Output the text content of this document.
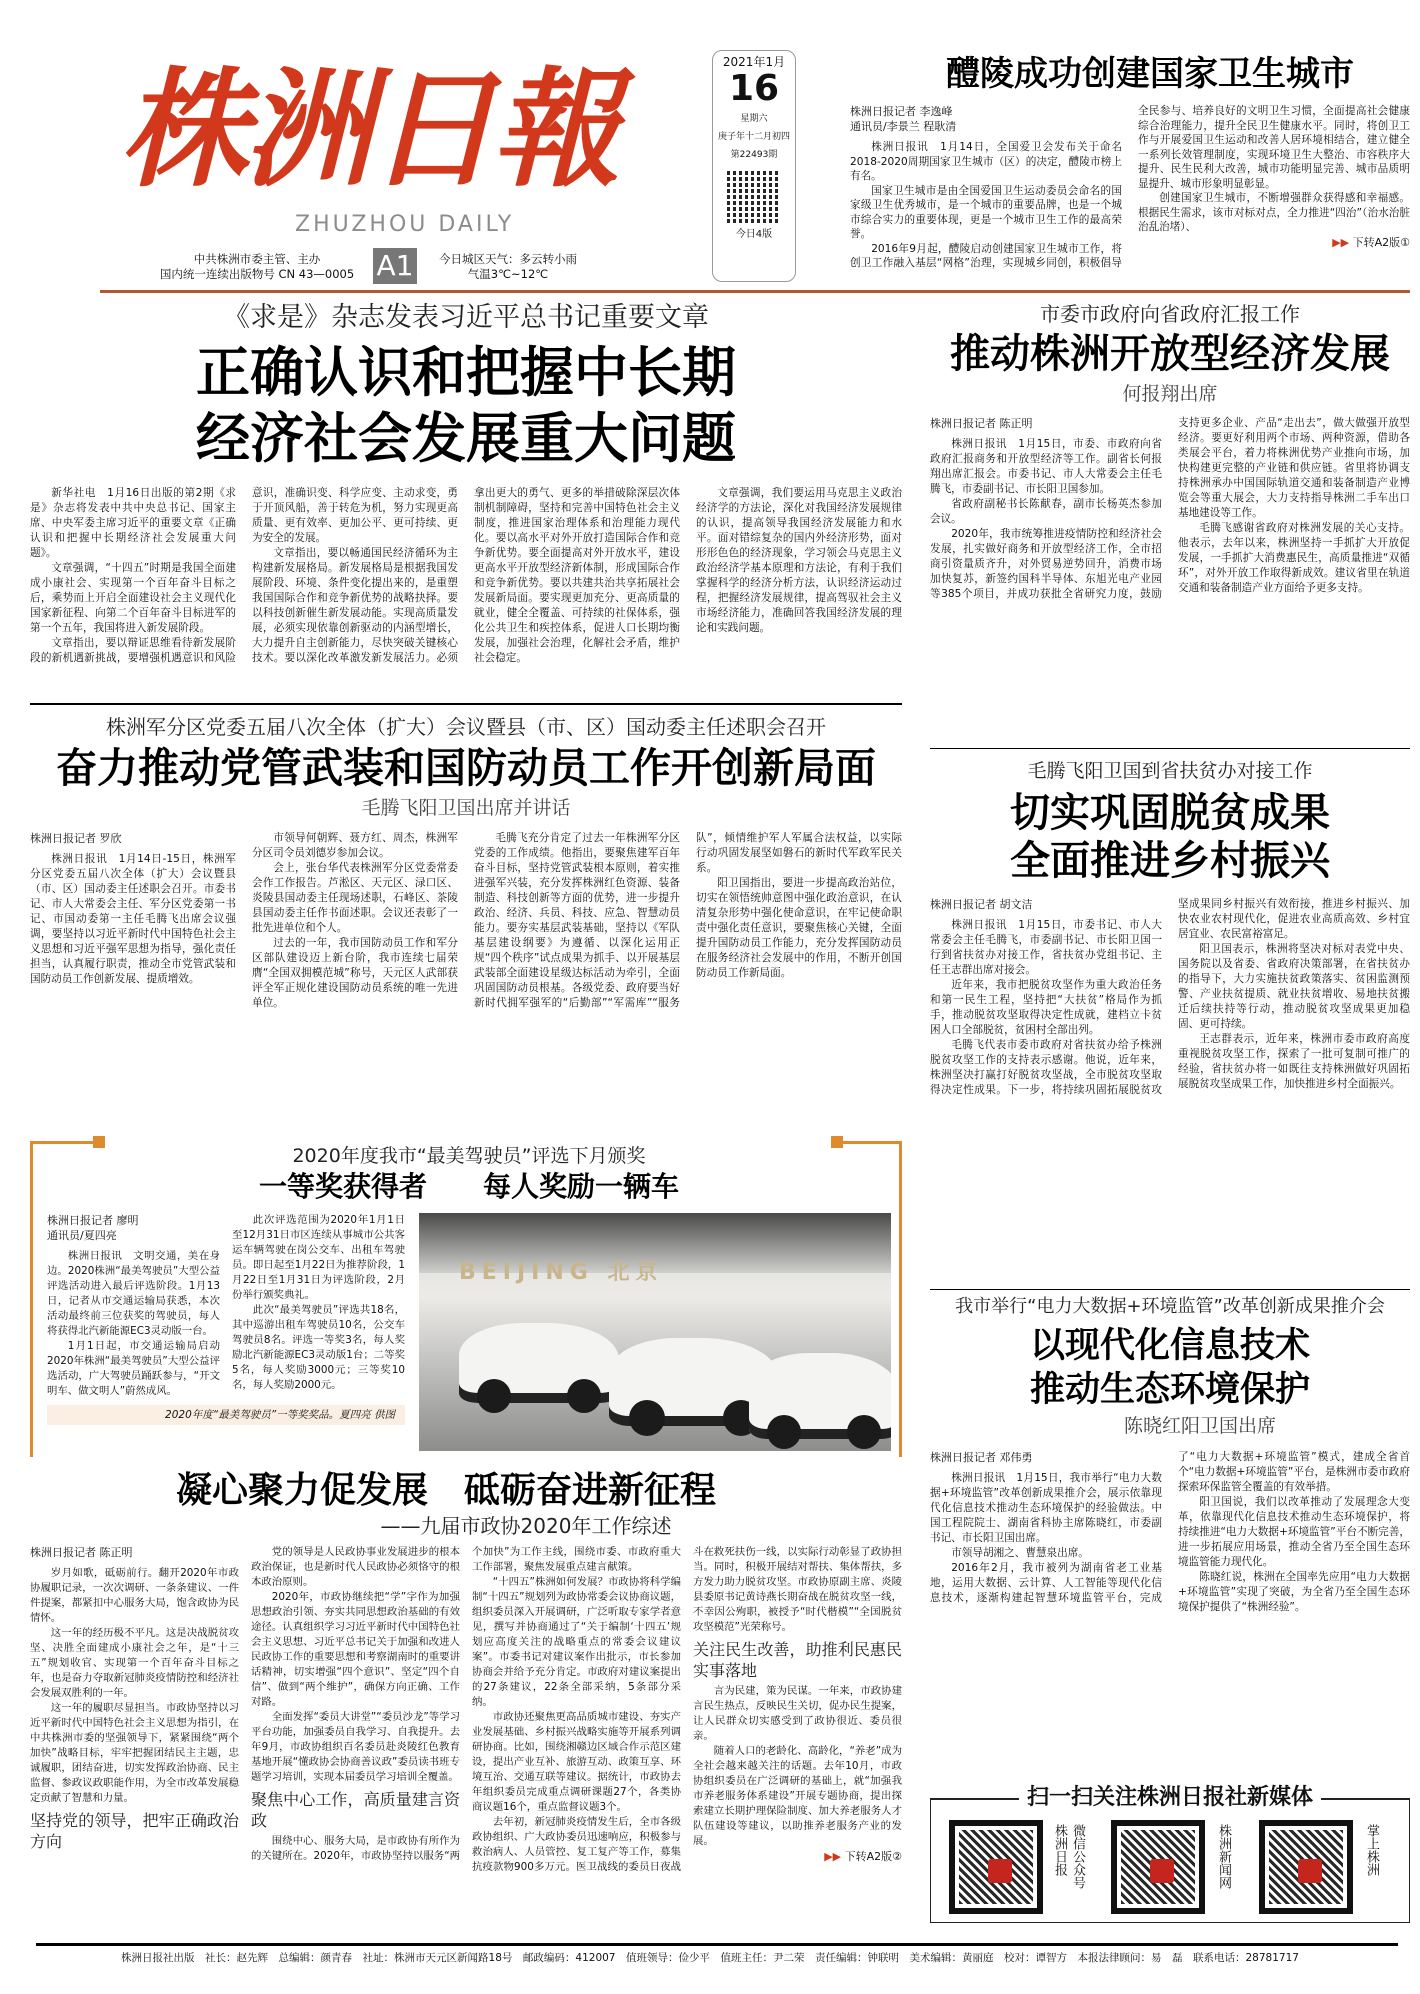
株洲日報
ZHUZHOU DAILY
中共株洲市委主管、主办
国内统一连续出版物号 CN 43—0005 A1	今日城区天气：多云转小雨
气温3℃~12℃
2021年1月
16
星期六
庚子年十二月初四
第22493期
今日4版
醴陵成功创建国家卫生城市
株洲日报记者 李逸峰
通讯员/李景兰 程耿清

株洲日报讯　1月14日，全国爱卫会发布关于命名2018-2020周期国家卫生城市（区）的决定，醴陵市榜上有名。

国家卫生城市是由全国爱国卫生运动委员会命名的国家级卫生优秀城市，是一个城市的重要品牌，也是一个城市综合实力的重要体现，更是一个城市卫生工作的最高荣誉。

2016年9月起，醴陵启动创建国家卫生城市工作，将创卫工作融入基层“网格”治理，实现城乡同创，积极倡导全民参与、培养良好的文明卫生习惯，全面提高社会健康综合治理能力，提升全民卫生健康水平。同时，将创卫工作与开展爱国卫生运动和改善人居环境相结合，建立健全一系列长效管理制度，实现环境卫生大整治、市容秩序大提升、民生民利大改善，城市功能明显完善、城市品质明显提升、城市形象明显彰显。

创建国家卫生城市，不断增强群众获得感和幸福感。根据民生需求，该市对标对点，全力推进“四治”（治水治脏治乱治堵）、

▶▶ 下转A2版①
《求是》杂志发表习近平总书记重要文章
正确认识和把握中长期
经济社会发展重大问题

新华社电　1月16日出版的第2期《求是》杂志将发表中共中央总书记、国家主席、中央军委主席习近平的重要文章《正确认识和把握中长期经济社会发展重大问题》。

文章强调，“十四五”时期是我国全面建成小康社会、实现第一个百年奋斗目标之后，乘势而上开启全面建设社会主义现代化国家新征程、向第二个百年奋斗目标进军的第一个五年，我国将进入新发展阶段。

文章指出，要以辩证思维看待新发展阶段的新机遇新挑战，要增强机遇意识和风险意识，准确识变、科学应变、主动求变，勇于开顶风船，善于转危为机，努力实现更高质量、更有效率、更加公平、更可持续、更为安全的发展。

文章指出，要以畅通国民经济循环为主构建新发展格局。新发展格局是根据我国发展阶段、环境、条件变化提出来的，是重塑我国国际合作和竞争新优势的战略抉择。要以科技创新催生新发展动能。实现高质量发展，必须实现依靠创新驱动的内涵型增长，大力提升自主创新能力，尽快突破关键核心技术。要以深化改革激发新发展活力。必须拿出更大的勇气、更多的举措破除深层次体制机制障碍，坚持和完善中国特色社会主义制度，推进国家治理体系和治理能力现代化。要以高水平对外开放打造国际合作和竞争新优势。要全面提高对外开放水平，建设更高水平开放型经济新体制，形成国际合作和竞争新优势。要以共建共治共享拓展社会发展新局面。要实现更加充分、更高质量的就业，健全全覆盖、可持续的社保体系，强化公共卫生和疾控体系，促进人口长期均衡发展，加强社会治理，化解社会矛盾，维护社会稳定。

文章强调，我们要运用马克思主义政治经济学的方法论，深化对我国经济发展规律的认识，提高领导我国经济发展能力和水平。面对错综复杂的国内外经济形势，面对形形色色的经济现象，学习领会马克思主义政治经济学基本原理和方法论，有利于我们掌握科学的经济分析方法，认识经济运动过程，把握经济发展规律，提高驾驭社会主义市场经济能力，准确回答我国经济发展的理论和实践问题。

株洲军分区党委五届八次全体（扩大）会议暨县（市、区）国动委主任述职会召开
奋力推动党管武装和国防动员工作开创新局面
毛腾飞阳卫国出席并讲话
株洲日报记者 罗欣

株洲日报讯　1月14日-15日，株洲军分区党委五届八次全体（扩大）会议暨县（市、区）国动委主任述职会召开。市委书记、市人大常委会主任、军分区党委第一书记、市国动委第一主任毛腾飞出席会议强调，要坚持以习近平新时代中国特色社会主义思想和习近平强军思想为指导，强化责任担当，认真履行职责，推动全市党管武装和国防动员工作创新发展、提质增效。

市领导何朝辉、聂方红、周杰，株洲军分区司令员刘德岁参加会议。

会上，张台华代表株洲军分区党委常委会作工作报告。芦淞区、天元区、渌口区、炎陵县国动委主任现场述职，石峰区、茶陵县国动委主任作书面述职。会议还表彰了一批先进单位和个人。

过去的一年，我市国防动员工作和军分区部队建设迈上新台阶，我市连续七届荣膺“全国双拥模范城”称号，天元区人武部获评全军正规化建设国防动员系统的唯一先进单位。

毛腾飞充分肯定了过去一年株洲军分区党委的工作成绩。他指出，要聚焦建军百年奋斗目标，坚持党管武装根本原则，着实推进强军兴装，充分发挥株洲红色资源、装备制造、科技创新等方面的优势，进一步提升政治、经济、兵员、科技、应急、智慧动员能力。要夯实基层武装基础，坚持以《军队基层建设纲要》为遵循、以深化运用正规“四个秩序”试点成果为抓手、以开展基层武装部全面建设星级达标活动为牵引，全面巩固国防动员根基。各级党委、政府要当好新时代拥军强军的“后勤部”“军需库”“服务队”，倾情维护军人军属合法权益，以实际行动巩固发展坚如磐石的新时代军政军民关系。

阳卫国指出，要进一步提高政治站位，切实在领悟统帅意图中强化政治意识，在认清复杂形势中强化使命意识，在牢记使命职责中强化责任意识，要聚焦核心关键，全面提升国防动员工作能力，充分发挥国防动员在服务经济社会发展中的作用，不断开创国防动员工作新局面。

2020年度我市“最美驾驶员”评选下月颁奖
一等奖获得者　　 每人奖励一辆车
株洲日报记者 廖明
通讯员/夏四亮

株洲日报讯　文明交通，美在身边。2020株洲“最美驾驶员”大型公益评选活动进入最后评选阶段。1月13日，记者从市交通运输局获悉，本次活动最终前三位获奖的驾驶员，每人将获得北汽新能源EC3灵动版一台。

1月1日起，市交通运输局启动2020年株洲“最美驾驶员”大型公益评选活动，广大驾驶员踊跃参与，“开文明车、做文明人”蔚然成风。

此次评选范围为2020年1月1日至12月31日市区连续从事城市公共客运车辆驾驶在岗公交车、出租车驾驶员。即日起至1月22日为推荐阶段，1月22日至1月31日为评选阶段，2月份举行颁奖典礼。

此次“最美驾驶员”评选共18名，其中巡游出租车驾驶员10名，公交车驾驶员8名。评选一等奖3名，每人奖励北汽新能源EC3灵动版1台；二等奖5名，每人奖励3000元；三等奖10名，每人奖励2000元。

2020年度“最美驾驶员”一等奖奖品。夏四亮 供图
BEIJING 北京
凝心聚力促发展　砥砺奋进新征程
——九届市政协2020年工作综述
株洲日报记者 陈正明

岁月如歌，砥砺前行。翻开2020年市政协履职记录，一次次调研、一条条建议、一件件提案，都紧扣中心服务大局，饱含政协为民情怀。

这一年的经历极不平凡。这是决战脱贫攻坚、决胜全面建成小康社会之年，是“十三五”规划收官、实现第一个百年奋斗目标之年，也是奋力夺取新冠肺炎疫情防控和经济社会发展双胜利的一年。

这一年的履职尽显担当。市政协坚持以习近平新时代中国特色社会主义思想为指引，在中共株洲市委的坚强领导下，紧紧围绕“两个加快”战略目标，牢牢把握团结民主主题，忠诚履职，团结奋进，切实发挥政治协商、民主监督、参政议政职能作用，为全市改革发展稳定贡献了智慧和力量。

坚持党的领导，把牢正确政治方向

党的领导是人民政协事业发展进步的根本政治保证，也是新时代人民政协必须恪守的根本政治原则。

2020年，市政协继续把“学”字作为加强思想政治引领、夯实共同思想政治基础的有效途径。认真组织学习习近平新时代中国特色社会主义思想、习近平总书记关于加强和改进人民政协工作的重要思想和考察湖南时的重要讲话精神，切实增强“四个意识”、坚定“四个自信”、做到“两个维护”，确保方向正确、工作对路。

全面发挥“委员大讲堂”“委员沙龙”等学习平台功能，加强委员自我学习、自我提升。去年9月，市政协组织百名委员赴炎陵红色教育基地开展“懂政协会协商善议政”委员读书班专题学习培训，实现本届委员学习培训全覆盖。

聚焦中心工作，高质量建言资政

围绕中心、服务大局，是市政协有所作为的关键所在。2020年，市政协坚持以服务“两个加快”为工作主线，围绕市委、市政府重大工作部署，聚焦发展重点建言献策。

“十四五”株洲如何发展？市政协将科学编制“十四五”规划列为政协常委会议协商议题，组织委员深入开展调研，广泛听取专家学者意见，撰写并协商通过了“关于编制‘十四五’规划应高度关注的战略重点的常委会议建议案”。市委书记对建议案作出批示，市长参加协商会并给予充分肯定。市政府对建议案提出的27条建议，22条全部采纳，5条部分采纳。

市政协还聚焦更高品质城市建设、夯实产业发展基础、乡村振兴战略实施等开展系列调研协商。比如，围绕湘赣边区域合作示范区建设，提出产业互补、旅游互动、政策互享、环境互治、交通互联等建议。据统计，市政协去年组织委员完成重点调研课题27个，各类协商议题16个，重点监督议题3个。

去年初，新冠肺炎疫情发生后，全市各级政协组织、广大政协委员迅速响应，积极参与救治病人、人员管控、复工复产等工作，募集抗疫款物900多万元。医卫战线的委员日夜战斗在救死扶伤一线，以实际行动彰显了政协担当。同时，积极开展结对帮扶、集体帮扶，多方发力助力脱贫攻坚。市政协原副主席、炎陵县委原书记黄诗燕长期奋战在脱贫攻坚一线，不幸因公殉职，被授予“时代楷模”“全国脱贫攻坚模范”光荣称号。

关注民生改善，助推利民惠民实事落地

言为民建，策为民谋。一年来，市政协建言民生热点，反映民生关切，促办民生提案，让人民群众切实感受到了政协很近、委员很亲。

随着人口的老龄化、高龄化，“养老”成为全社会越来越关注的话题。去年10月，市政协组织委员在广泛调研的基础上，就“加强我市养老服务体系建设”开展专题协商，提出探索建立长期护理保险制度、加大养老服务人才队伍建设等建议，以助推养老服务产业的发展。

▶▶ 下转A2版②
市委市政府向省政府汇报工作
推动株洲开放型经济发展
何报翔出席
株洲日报记者 陈正明

株洲日报讯　1月15日，市委、市政府向省政府汇报商务和开放型经济等工作。副省长何报翔出席汇报会。市委书记、市人大常委会主任毛腾飞，市委副书记、市长阳卫国参加。

省政府副秘书长陈献春，副市长杨英杰参加会议。

2020年，我市统筹推进疫情防控和经济社会发展，扎实做好商务和开放型经济工作，全市招商引资量质齐升，对外贸易逆势回升，消费市场加快复苏，新签约国科半导体、东旭光电产业园等385个项目，并成功获批全省研究力度，鼓励支持更多企业、产品“走出去”，做大做强开放型经济。要更好利用两个市场、两种资源，借助各类展会平台，着力将株洲优势产业推向市场，加快构建更完整的产业链和供应链。省里将协调支持株洲承办中国国际轨道交通和装备制造产业博览会等重大展会，大力支持指导株洲二手车出口基地建设等工作。

毛腾飞感谢省政府对株洲发展的关心支持。他表示，去年以来，株洲坚持一手抓扩大开放促发展，一手抓扩大消费惠民生，高质量推进“双循环”，对外开放工作取得新成效。建议省里在轨道交通和装备制造产业方面给予更多支持。

毛腾飞阳卫国到省扶贫办对接工作
切实巩固脱贫成果
全面推进乡村振兴
株洲日报记者 胡文洁

株洲日报讯　1月15日，市委书记、市人大常委会主任毛腾飞，市委副书记、市长阳卫国一行到省扶贫办对接工作，省扶贫办党组书记、主任王志群出席对接会。

近年来，我市把脱贫攻坚作为重大政治任务和第一民生工程，坚持把“大扶贫”格局作为抓手，推动脱贫攻坚取得决定性成就，建档立卡贫困人口全部脱贫，贫困村全部出列。

毛腾飞代表市委市政府对省扶贫办给予株洲脱贫攻坚工作的支持表示感谢。他说，近年来，株洲坚决打赢打好脱贫攻坚战，全市脱贫攻坚取得决定性成果。下一步，将持续巩固拓展脱贫攻坚成果同乡村振兴有效衔接，推进乡村振兴、加快农业农村现代化，促进农业高质高效、乡村宜居宜业、农民富裕富足。

阳卫国表示，株洲将坚决对标对表党中央、国务院以及省委、省政府决策部署，在省扶贫办的指导下，大力实施扶贫政策落实、贫困监测预警、产业扶贫提质、就业扶贫增收、易地扶贫搬迁后续扶持等行动，推动脱贫攻坚成果更加稳固、更可持续。

王志群表示，近年来，株洲市委市政府高度重视脱贫攻坚工作，探索了一批可复制可推广的经验，省扶贫办将一如既往支持株洲做好巩固拓展脱贫攻坚成果工作，加快推进乡村全面振兴。

我市举行“电力大数据+环境监管”改革创新成果推介会
以现代化信息技术
推动生态环境保护
陈晓红阳卫国出席
株洲日报记者 邓伟勇

株洲日报讯　1月15日，我市举行“电力大数据+环境监管”改革创新成果推介会，展示依靠现代化信息技术推动生态环境保护的经验做法。中国工程院院士、湖南省科协主席陈晓红，市委副书记、市长阳卫国出席。

市领导胡湘之、曹慧泉出席。

2016年2月，我市被列为湖南省老工业基地，运用大数据、云计算、人工智能等现代化信息技术，逐渐构建起智慧环境监管平台，完成了“电力大数据+环境监管”模式，建成全省首个“电力数据+环境监管”平台，是株洲市委市政府探索环保监管全覆盖的有效举措。

阳卫国说，我们以改革推动了发展理念大变革，依靠现代化信息技术推动生态环境保护，将持续推进“电力大数据+环境监管”平台不断完善，进一步拓展应用场景，推动全省乃至全国生态环境监管能力现代化。

陈晓红说，株洲在全国率先应用“电力大数据+环境监管”实现了突破，为全省乃至全国生态环境保护提供了“株洲经验”。

扫一扫关注株洲日报社新媒体
株洲日报 微信公众号	株洲新闻网	掌上株洲
株洲日报社出版　社长：赵先辉　总编辑：颜青春　社址：株洲市天元区新闻路18号　邮政编码：412007　值班领导：俭少平　值班主任：尹二荣　责任编辑：钟联明　美术编辑：黄丽庭　校对：谭智方　本报法律顾问：易　磊　联系电话：28781717
